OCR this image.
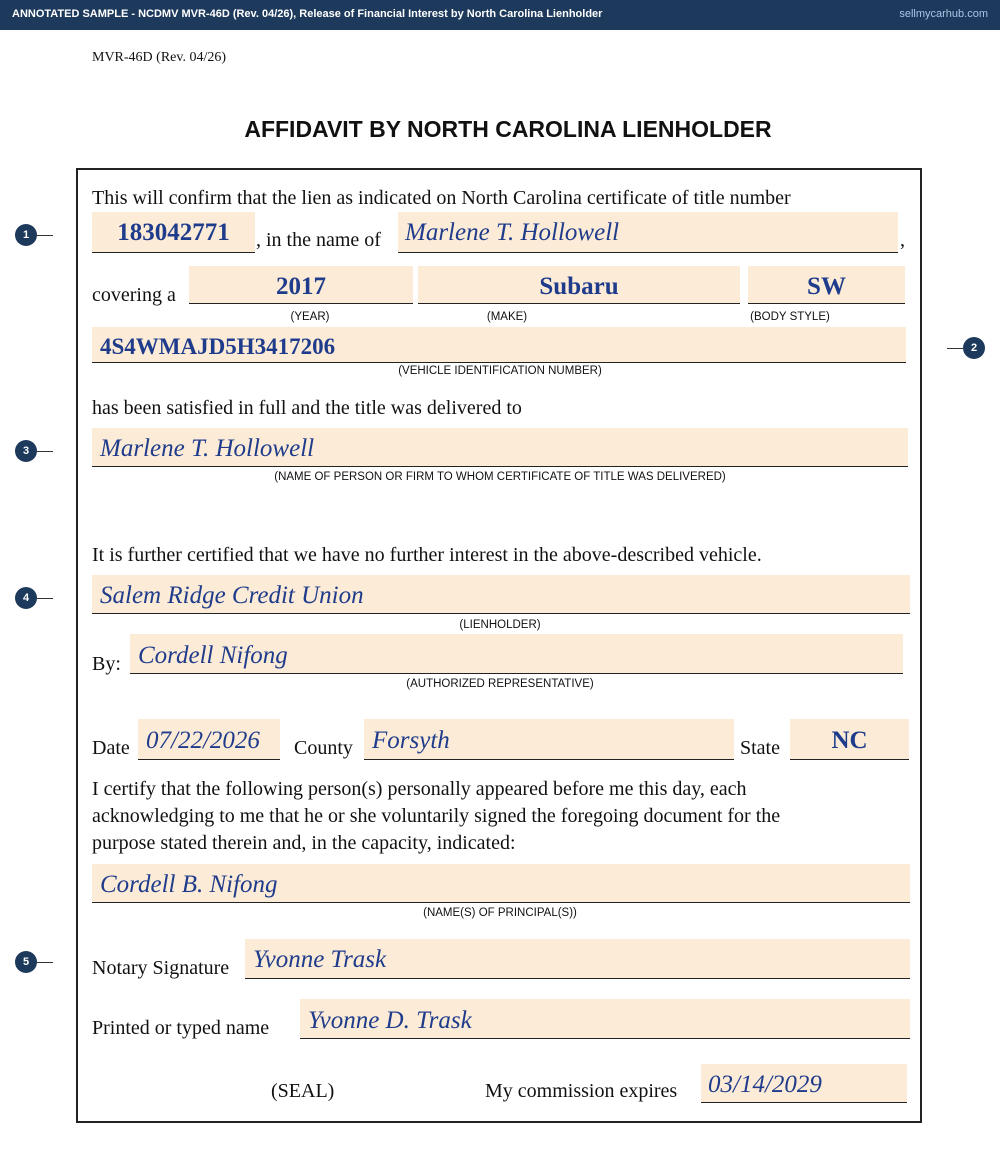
ANNOTATED SAMPLE - NCDMV MVR-46D (Rev. 04/26), Release of Financial Interest by North Carolina Lienholder	sellmycarhub.com
MVR-46D (Rev. 04/26)
AFFIDAVIT BY NORTH CAROLINA LIENHOLDER
This will confirm that the lien as indicated on North Carolina certificate of title number
183042771	, in the name of Marlene T. Hollowell	,
covering a	2017	Subaru	SW
(YEAR)	(MAKE)	(BODY STYLE)
4S4WMAJD5H3417206
(VEHICLE IDENTIFICATION NUMBER)
has been satisfied in full and the title was delivered to
Marlene T. Hollowell
(NAME OF PERSON OR FIRM TO WHOM CERTIFICATE OF TITLE WAS DELIVERED)
It is further certified that we have no further interest in the above-described vehicle.
Salem Ridge Credit Union
(LIENHOLDER)
By: Cordell Nifong
(AUTHORIZED REPRESENTATIVE)
Date 07/22/2026 County Forsyth	State	NC
I certify that the following person(s) personally appeared before me this day, each
acknowledging to me that he or she voluntarily signed the foregoing document for the
purpose stated therein and, in the capacity, indicated:
Cordell B. Nifong
(NAME(S) OF PRINCIPAL(S))
Notary Signature Yvonne Trask
Printed or typed name Yvonne D. Trask
(SEAL)	My commission expires 03/14/2029
1
2
3
4
5
